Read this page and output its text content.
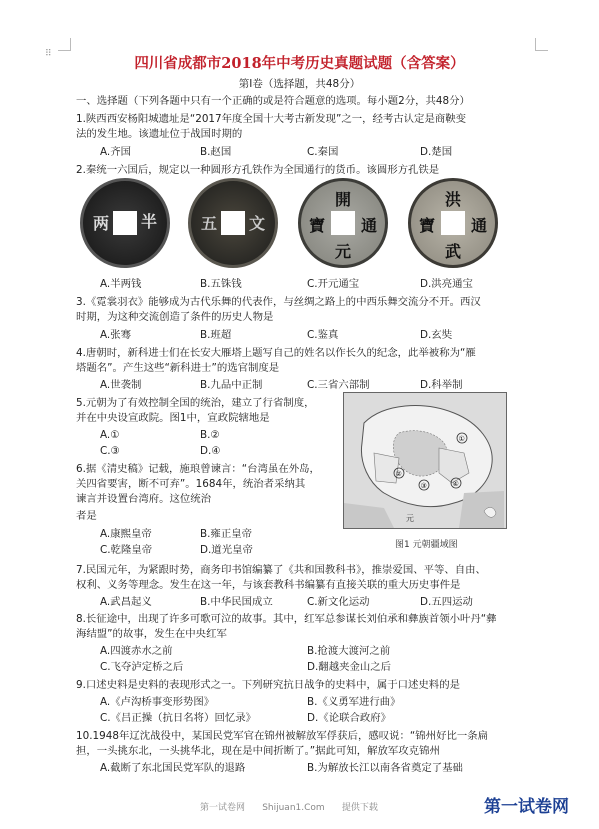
⠿
四川省成都市2018年中考历史真题试题（含答案）
第Ⅰ卷（选择题，共48分）
一、选择题（下列各题中只有一个正确的或是符合题意的选项。每小题2分，共48分）
1.陕西西安杨阳城遗址是“2017年度全国十大考古新发现”之一，经考古认定是商鞅变
法的发生地。该遗址位于战国时期的
A.齐国	B.赵国	C.秦国	D.楚国
2.秦统一六国后，规定以一种圆形方孔铁作为全国通行的货币。该圆形方孔铁是
两 半	五 文
開
元
寶 通
洪
通
寶
武
A.半两钱	B.五铢钱	C.开元通宝	D.洪亮通宝
3.《霓裳羽衣》能够成为古代乐舞的代表作，与丝绸之路上的中西乐舞交流分不开。西汉
时期，为这种交流创造了条件的历史人物是
A.张骞	B.班超	C.鉴真	D.玄奘
4.唐朝时，新科进士们在长安大雁塔上题写自己的姓名以作长久的纪念，此举被称为“雁
塔题名”。产生这些“新科进士”的选官制度是
A.世袭制	B.九品中正制	C.三省六部制	D.科举制
5.元朝为了有效控制全国的统治，建立了行省制度，
并在中央设宣政院。图1中，宣政院辖地是
A.①	B.②
C.③	D.④
6.据《清史稿》记载，施琅曾谏言：“台湾虽在外岛，
关四省要害，断不可弃”。1684年，统治者采纳其
谏言并设置台湾府。这位统治
者是
A.康熙皇帝	B.雍正皇帝
C.乾隆皇帝	D.道光皇帝
①
②
③	④
元
图1 元朝疆域图
7.民国元年，为紧跟时势，商务印书馆编纂了《共和国教科书》，推崇爱国、平等、自由、
权利、义务等理念。发生在这一年，与该套教科书编纂有直接关联的重大历史事件是
A.武昌起义	B.中华民国成立	C.新文化运动	D.五四运动
8.长征途中，出现了许多可歌可泣的故事。其中，红军总参谋长刘伯承和彝族首领小叶丹“彝
海结盟”的故事，发生在中央红军
A.四渡赤水之前	B.抢渡大渡河之前
C.飞夺泸定桥之后	D.翻越夹金山之后
9.口述史料是史料的表现形式之一。下列研究抗日战争的史料中，属于口述史料的是
A.《卢沟桥事变形势图》	B.《义勇军进行曲》
C.《吕正操（抗日名将）回忆录》	D.《论联合政府》
10.1948年辽沈战役中，某国民党军官在锦州被解放军俘获后，感叹说：“锦州好比一条扁
担，一头挑东北，一头挑华北，现在是中间折断了。”据此可知，解放军攻克锦州
A.截断了东北国民党军队的退路	B.为解放长江以南各省奠定了基础
第一试卷网 Shijuan1.Com 提供下载	第一试卷网
